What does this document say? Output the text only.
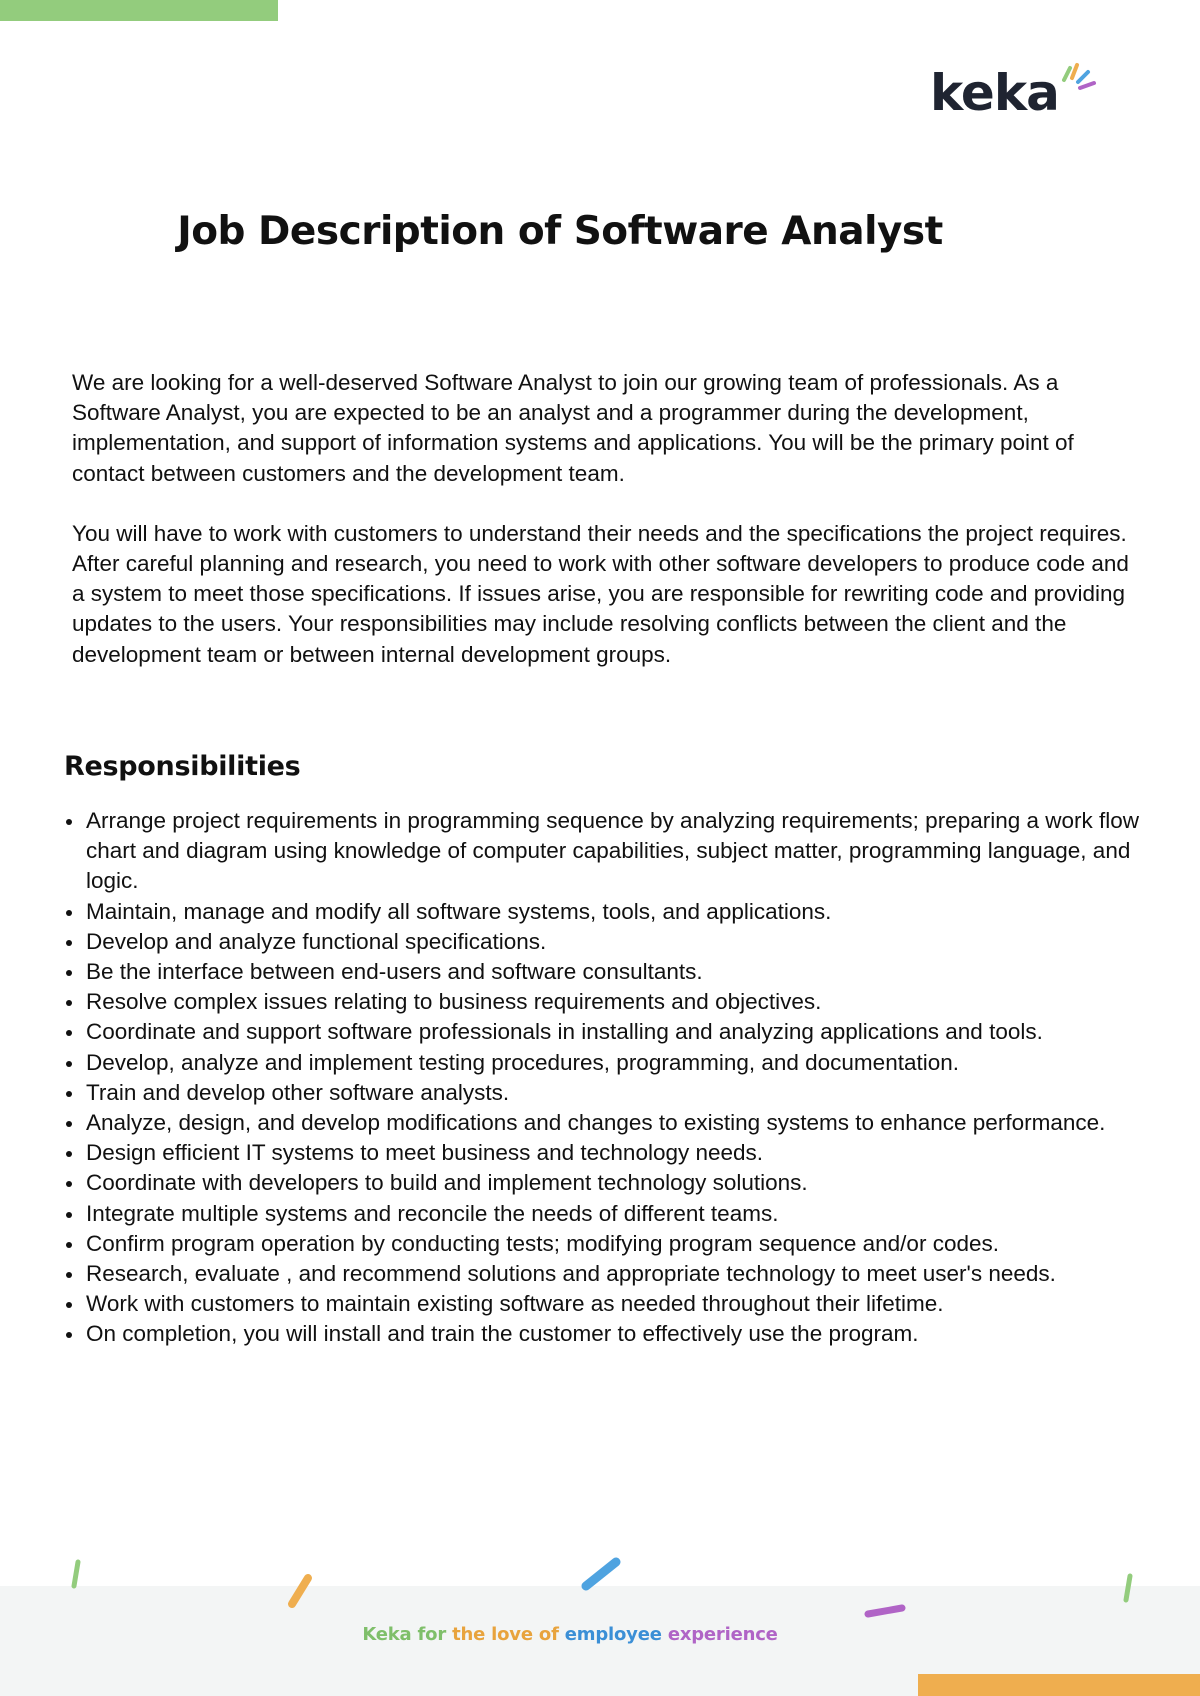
keka
Job Description of Software Analyst

We are looking for a well-deserved Software Analyst to join our growing team of professionals. As a Software Analyst, you are expected to be an analyst and a programmer during the development, implementation, and support of information systems and applications. You will be the primary point of contact between customers and the development team.

You will have to work with customers to understand their needs and the specifications the project requires. After careful planning and research, you need to work with other software developers to produce code and a system to meet those specifications. If issues arise, you are responsible for rewriting code and providing updates to the users. Your responsibilities may include resolving conflicts between the client and the development team or between internal development groups.

Responsibilities
Arrange project requirements in programming sequence by analyzing requirements; preparing a work flow chart and diagram using knowledge of computer capabilities, subject matter, programming language, and logic.
Maintain, manage and modify all software systems, tools, and applications.
Develop and analyze functional specifications.
Be the interface between end-users and software consultants.
Resolve complex issues relating to business requirements and objectives.
Coordinate and support software professionals in installing and analyzing applications and tools.
Develop, analyze and implement testing procedures, programming, and documentation.
Train and develop other software analysts.
Analyze, design, and develop modifications and changes to existing systems to enhance performance.
Design efficient IT systems to meet business and technology needs.
Coordinate with developers to build and implement technology solutions.
Integrate multiple systems and reconcile the needs of different teams.
Confirm program operation by conducting tests; modifying program sequence and/or codes.
Research, evaluate , and recommend solutions and appropriate technology to meet user's needs.
Work with customers to maintain existing software as needed throughout their lifetime.
On completion, you will install and train the customer to effectively use the program.
Keka for the love of employee experience
